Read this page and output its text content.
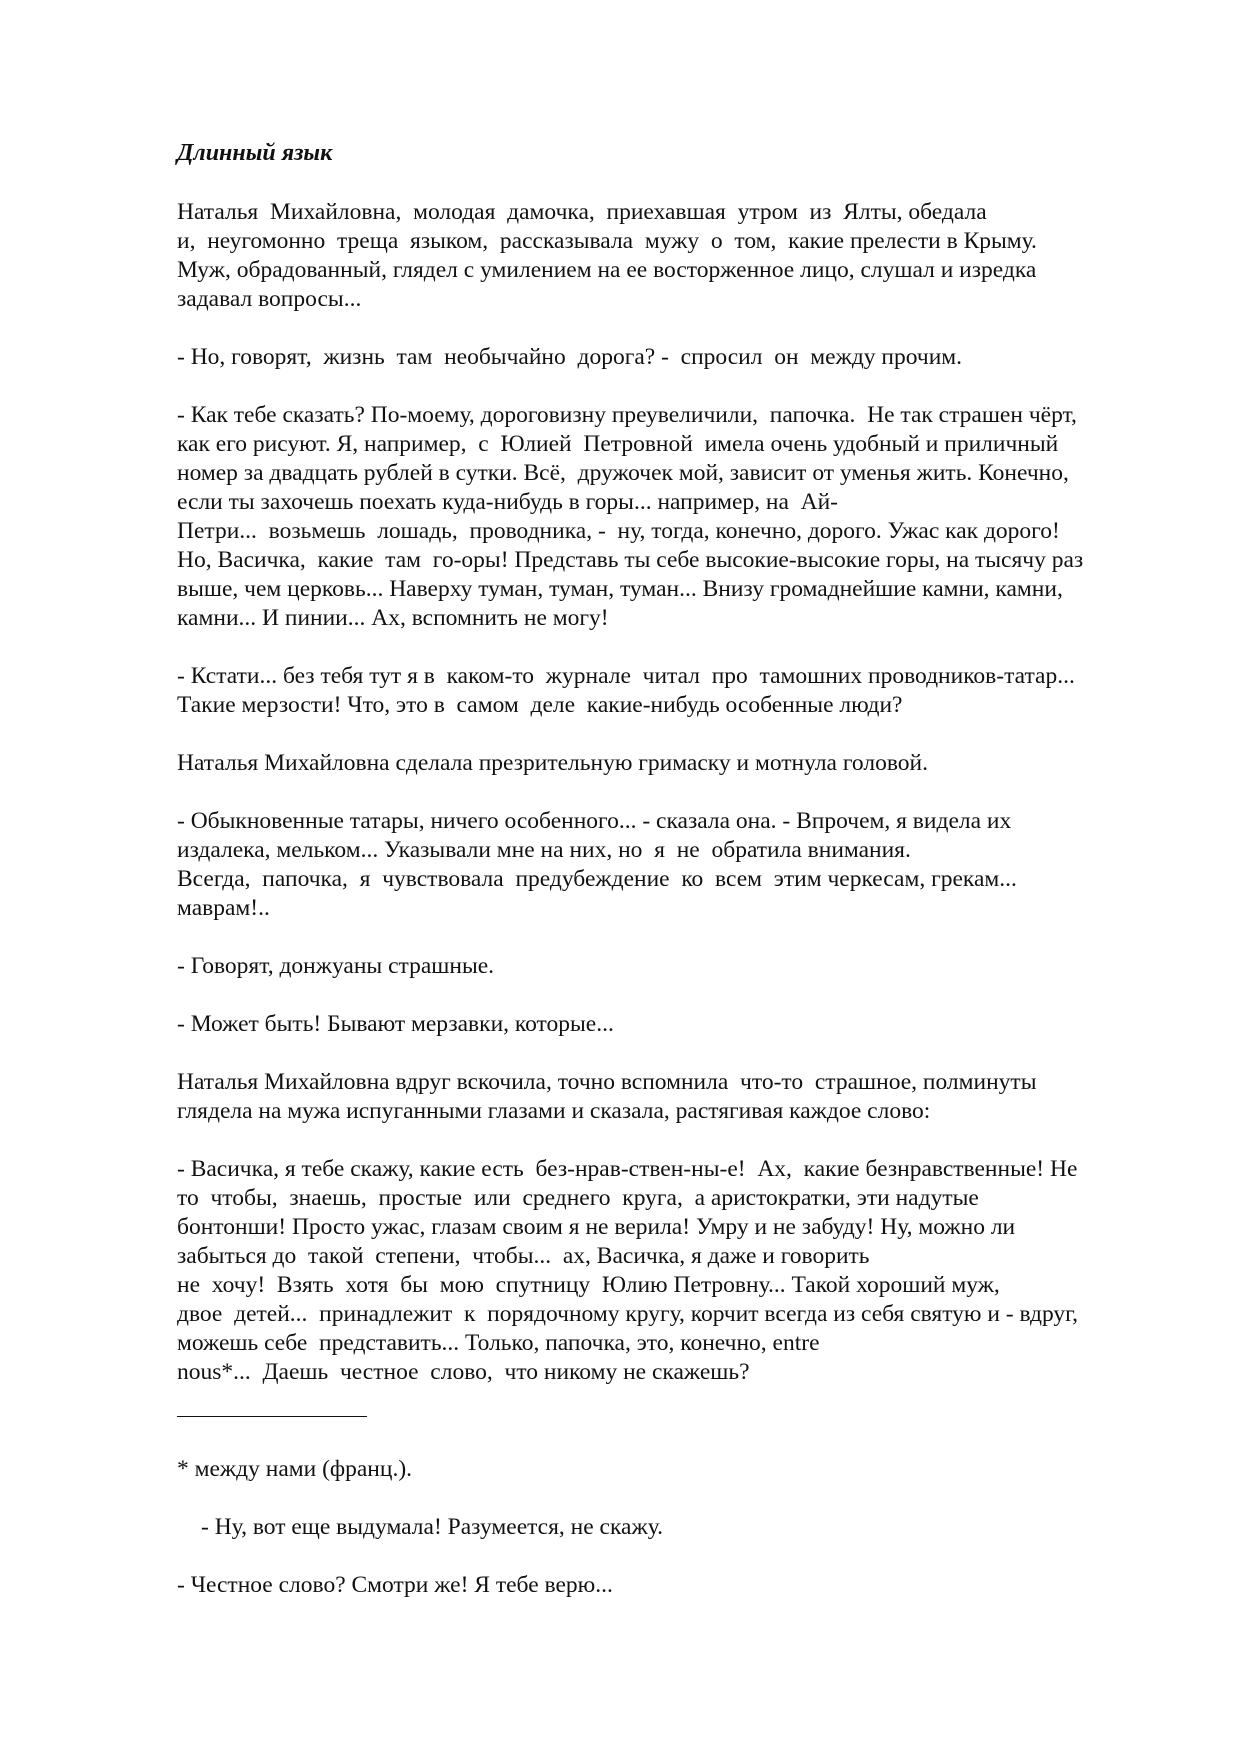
Длинный язык
Наталья  Михайловна,  молодая  дамочка,  приехавшая  утром  из  Ялты, обедала
и,  неугомонно  треща  языком,  рассказывала  мужу  о  том,  какие прелести в Крыму.
Муж, обрадованный, глядел с умилением на ее восторженное лицо, слушал и изредка
задавал вопросы...
- Но, говорят,  жизнь  там  необычайно  дорога? -  спросил  он  между прочим.
- Как тебе сказать? По-моему, дороговизну преувеличили,  папочка.  Не так страшен чёрт,
как его рисуют. Я, например,  с  Юлией  Петровной  имела очень удобный и приличный
номер за двадцать рублей в сутки. Всё,  дружочек мой, зависит от уменья жить. Конечно,
если ты захочешь поехать куда-нибудь в горы... например, на  Ай-
Петри...  возьмешь  лошадь,  проводника, -  ну, тогда, конечно, дорого. Ужас как дорого!
Но, Васичка,  какие  там  го-оры! Представь ты себе высокие-высокие горы, на тысячу раз
выше, чем церковь... Наверху туман, туман, туман... Внизу громаднейшие камни, камни,
камни... И пинии... Ах, вспомнить не могу!
- Кстати... без тебя тут я в  каком-то  журнале  читал  про  тамошних проводников-татар...
Такие мерзости! Что, это в  самом  деле  какие-нибудь особенные люди?
Наталья Михайловна сделала презрительную гримаску и мотнула головой.
- Обыкновенные татары, ничего особенного... - сказала она. - Впрочем, я видела их
издалека, мельком... Указывали мне на них, но  я  не  обратила внимания.
Всегда,  папочка,  я  чувствовала  предубеждение  ко  всем  этим черкесам, грекам...
маврам!..
- Говорят, донжуаны страшные.
- Может быть! Бывают мерзавки, которые...
Наталья Михайловна вдруг вскочила, точно вспомнила  что-то  страшное, полминуты
глядела на мужа испуганными глазами и сказала, растягивая каждое слово:
- Васичка, я тебе скажу, какие есть  без-нрав-ствен-ны-е!  Ах,  какие безнравственные! Не
то  чтобы,  знаешь,  простые  или  среднего  круга,  а аристократки, эти надутые
бонтонши! Просто ужас, глазам своим я не верила! Умру и не забуду! Ну, можно ли
забыться до  такой  степени,  чтобы...  ах, Васичка, я даже и говорить
не  хочу!  Взять  хотя  бы  мою  спутницу  Юлию Петровну... Такой хороший муж,
двое  детей...  принадлежит  к  порядочному кругу, корчит всегда из себя святую и - вдруг,
можешь себе  представить... Только, папочка, это, конечно, entre
nous*...  Даешь  честное  слово,  что никому не скажешь?
* между нами (франц.).
- Ну, вот еще выдумала! Разумеется, не скажу.
- Честное слово? Смотри же! Я тебе верю...
